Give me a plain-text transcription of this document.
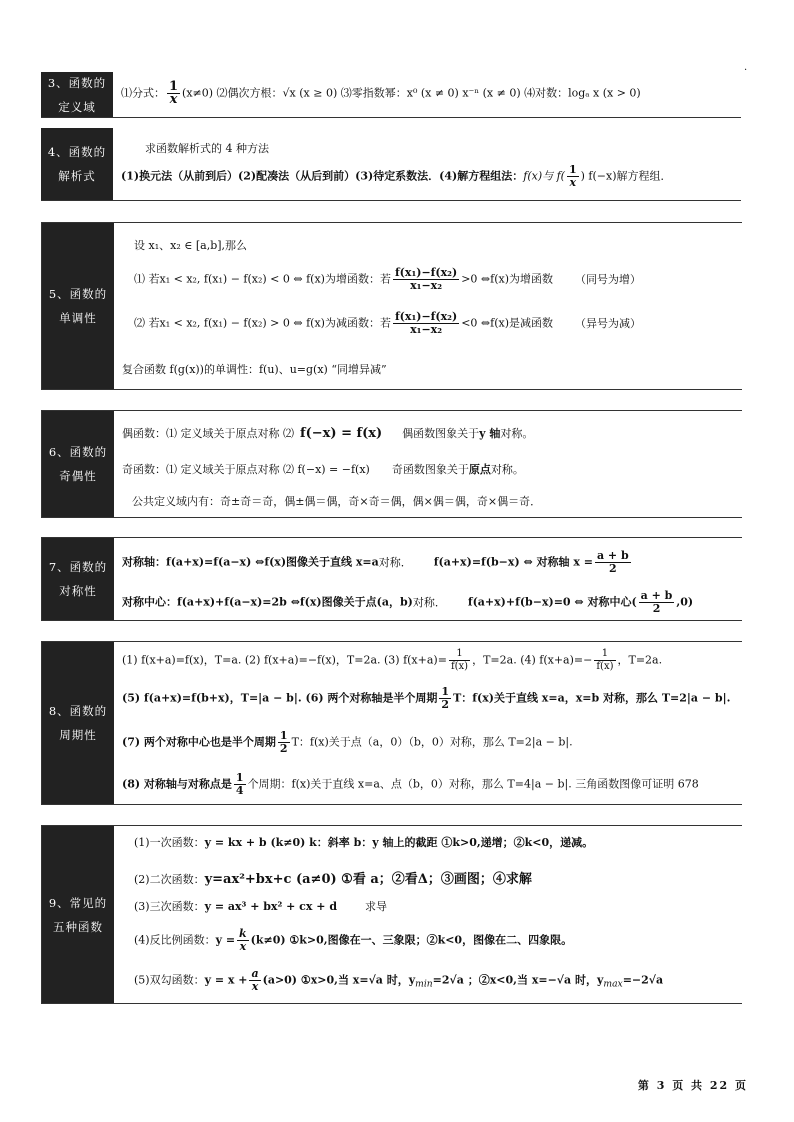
.
3、函数的
定义域
⑴分式： $\frac{1}{x} (x\ne 0)$ ⑵偶次方根：√x (x ≥ 0) ⑶零指数幂：x⁰ (x ≠ 0) x⁻ⁿ (x ≠ 0) ⑷对数：logₐ x (x > 0)
4、函数的
解析式
求函数解析式的 4 种方法
(1)换元法（从前到后）(2)配凑法（从后到前）(3)待定系数法．(4)解方程组法：f(x)与 $f( \frac{1}{x}$ ) f(−x)解方程组．
5、函数的
单调性
设 x₁、x₂ ∈ [a,b],那么
⑴ 若x₁ < x₂, f(x₁) − f(x₂) < 0 ⇔ f(x)为增函数：若 $\frac{\text{f(x₁)−f(x₂)}}{\text{x₁−x₂}} >0$ ⇔f(x)为增函数 （同号为增）
⑵ 若x₁ < x₂, f(x₁) − f(x₂) > 0 ⇔ f(x)为减函数：若 $\frac{\text{f(x₁)−f(x₂)}}{\text{x₁−x₂}} <0$ ⇔f(x)是减函数 （异号为减）
复合函数 f(g(x))的单调性：f(u)、u=g(x) “同增异减”
6、函数的
奇偶性
偶函数：⑴ 定义域关于原点对称 ⑵ f(−x) = f(x) 偶函数图象关于y 轴对称。
奇函数：⑴ 定义域关于原点对称 ⑵ f(−x) = −f(x) 奇函数图象关于原点对称。
公共定义域内有：奇±奇＝奇，偶±偶＝偶，奇×奇＝偶，偶×偶＝偶，奇×偶＝奇．
7、函数的
对称性
对称轴：f(a+x)=f(a−x) ⇔f(x)图像关于直线 x=a对称． f(a+x)=f(b−x) ⇔ 对称轴 $x = \frac{a + b}{2}$
对称中心：f(a+x)+f(a−x)=2b ⇔f(x)图像关于点(a，b)对称． f(a+x)+f(b−x)=0 ⇔ 对称中心( $\frac{a + b}{2} ,0$)
8、函数的
周期性
(1) f(x+a)=f(x)，T=a. (2) f(x+a)=−f(x)，T=2a. (3) $f(x+a)= \frac{1}{f(x)}$ ，T=2a. (4) $f(x+a)=- \frac{1}{f(x)}$ ，T=2a.
(5) f(a+x)=f(b+x)，T=|a − b|. (6) 两个对称轴是半个周期 $\frac{1}{2}$ T：f(x)关于直线 x=a，x=b 对称，那么 T=2|a − b|.
(7) 两个对称中心也是半个周期 $\frac{1}{2}$ T：f(x)关于点（a，0）（b，0）对称，那么 T=2|a − b|.
(8) 对称轴与对称点是 $\frac{1}{4}$ 个周期：f(x)关于直线 x=a、点（b，0）对称，那么 T=4|a − b|. 三角函数图像可证明 678
9、常见的
五种函数
(1)一次函数：y = kx + b (k≠0) k：斜率 b：y 轴上的截距 ①k>0,递增；②k<0，递减。
(2)二次函数：y=ax²+bx+c (a≠0) ①看 a；②看Δ；③画图；④求解
(3)三次函数：y = ax³ + bx² + cx + d	求导
(4)反比例函数：$y = \frac{k}{x} (k\ne 0)$ ①k>0,图像在一、三象限；②k<0，图像在二、四象限。
(5)双勾函数：$y = x + \frac{a}{x} (a>0)$ ①x>0,当 x=√a 时，$y_{min}=2√a$ ；②x<0,当 x=−√a 时，$y_{max}=-2√a$
第 3 页 共 22 页
